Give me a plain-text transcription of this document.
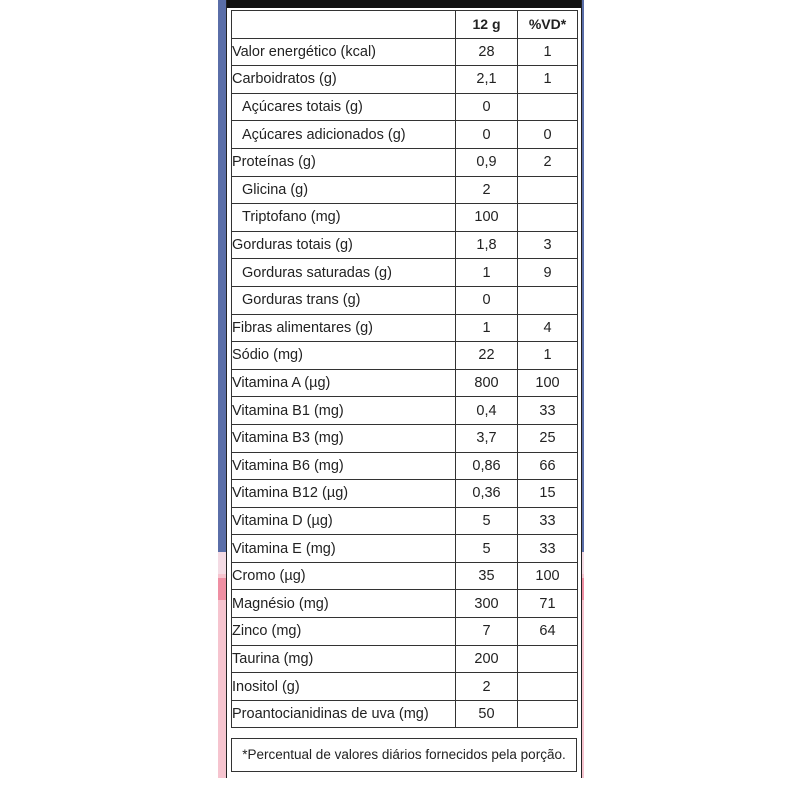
	12 g	%VD*
Valor energético (kcal)	28	1
Carboidratos (g)	2,1	1
Açúcares totais (g)	0	
Açúcares adicionados (g)	0	0
Proteínas (g)	0,9	2
Glicina (g)	2	
Triptofano (mg)	100	
Gorduras totais (g)	1,8	3
Gorduras saturadas (g)	1	9
Gorduras trans (g)	0	
Fibras alimentares (g)	1	4
Sódio (mg)	22	1
Vitamina A (µg)	800	100
Vitamina B1 (mg)	0,4	33
Vitamina B3 (mg)	3,7	25
Vitamina B6 (mg)	0,86	66
Vitamina B12 (µg)	0,36	15
Vitamina D (µg)	5	33
Vitamina E (mg)	5	33
Cromo (µg)	35	100
Magnésio (mg)	300	71
Zinco (mg)	7	64
Taurina (mg)	200	
Inositol (g)	2	
Proantocianidinas de uva (mg)	50	
*Percentual de valores diários fornecidos pela porção.
